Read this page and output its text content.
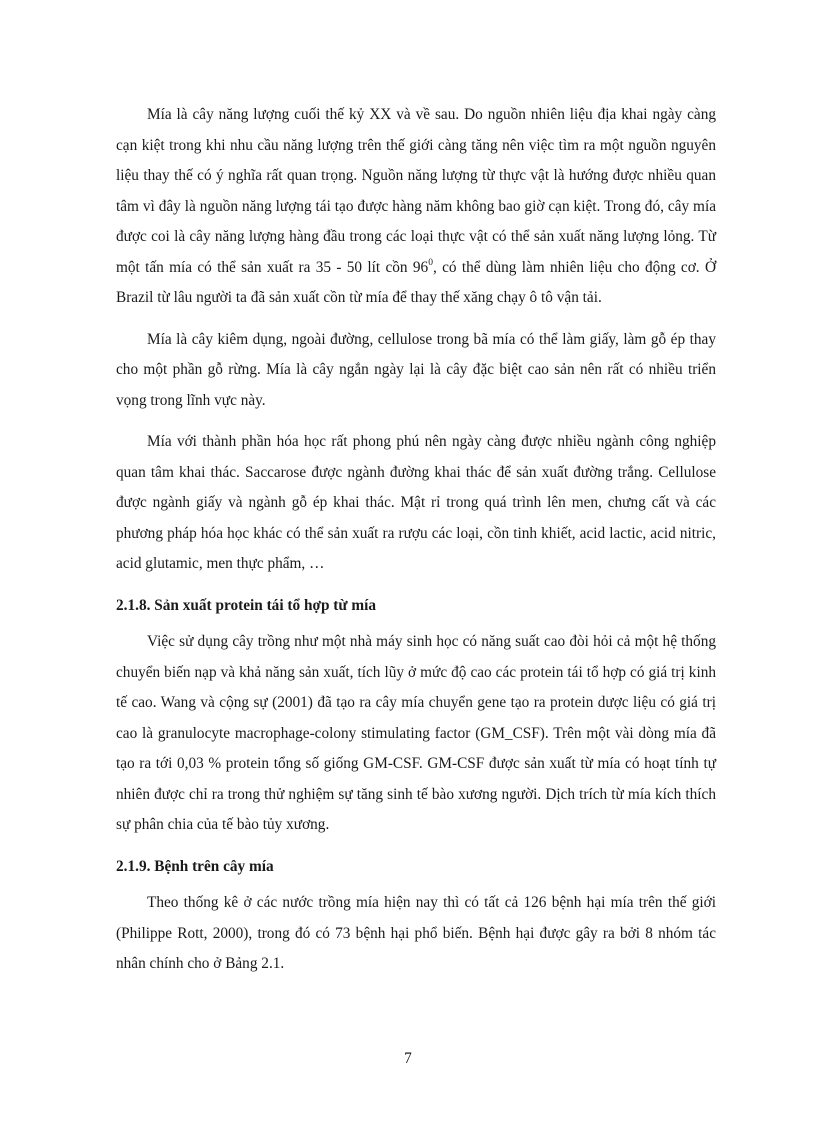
Mía là cây năng lượng cuối thế kỷ XX và về sau. Do nguồn nhiên liệu địa khai ngày càng cạn kiệt trong khi nhu cầu năng lượng trên thế giới càng tăng nên việc tìm ra một nguồn nguyên liệu thay thế có ý nghĩa rất quan trọng. Nguồn năng lượng từ thực vật là hướng được nhiều quan tâm vì đây là nguồn năng lượng tái tạo được hàng năm không bao giờ cạn kiệt. Trong đó, cây mía được coi là cây năng lượng hàng đầu trong các loại thực vật có thể sản xuất năng lượng lỏng. Từ một tấn mía có thể sản xuất ra 35 - 50 lít cồn $96^0$, có thể dùng làm nhiên liệu cho động cơ. Ở Brazil từ lâu người ta đã sản xuất cồn từ mía để thay thế xăng chạy ô tô vận tải.

Mía là cây kiêm dụng, ngoài đường, cellulose trong bã mía có thể làm giấy, làm gỗ ép thay cho một phần gỗ rừng. Mía là cây ngắn ngày lại là cây đặc biệt cao sản nên rất có nhiều triển vọng trong lĩnh vực này.

Mía với thành phần hóa học rất phong phú nên ngày càng được nhiều ngành công nghiệp quan tâm khai thác. Saccarose được ngành đường khai thác để sản xuất đường trắng. Cellulose được ngành giấy và ngành gỗ ép khai thác. Mật rỉ trong quá trình lên men, chưng cất và các phương pháp hóa học khác có thể sản xuất ra rượu các loại, cồn tinh khiết, acid lactic, acid nitric, acid glutamic, men thực phẩm, …

2.1.8. Sản xuất protein tái tổ hợp từ mía

Việc sử dụng cây trồng như một nhà máy sinh học có năng suất cao đòi hỏi cả một hệ thống chuyển biến nạp và khả năng sản xuất, tích lũy ở mức độ cao các protein tái tổ hợp có giá trị kinh tế cao. Wang và cộng sự (2001) đã tạo ra cây mía chuyển gene tạo ra protein dược liệu có giá trị cao là granulocyte macrophage-colony stimulating factor (GM_CSF). Trên một vài dòng mía đã tạo ra tới 0,03 % protein tổng số giống GM-CSF. GM-CSF được sản xuất từ mía có hoạt tính tự nhiên được chỉ ra trong thử nghiệm sự tăng sinh tế bào xương người. Dịch trích từ mía kích thích sự phân chia của tế bào tủy xương.

2.1.9. Bệnh trên cây mía

Theo thống kê ở các nước trồng mía hiện nay thì có tất cả 126 bệnh hại mía trên thế giới (Philippe Rott, 2000), trong đó có 73 bệnh hại phổ biến. Bệnh hại được gây ra bởi 8 nhóm tác nhân chính cho ở Bảng 2.1.

7
